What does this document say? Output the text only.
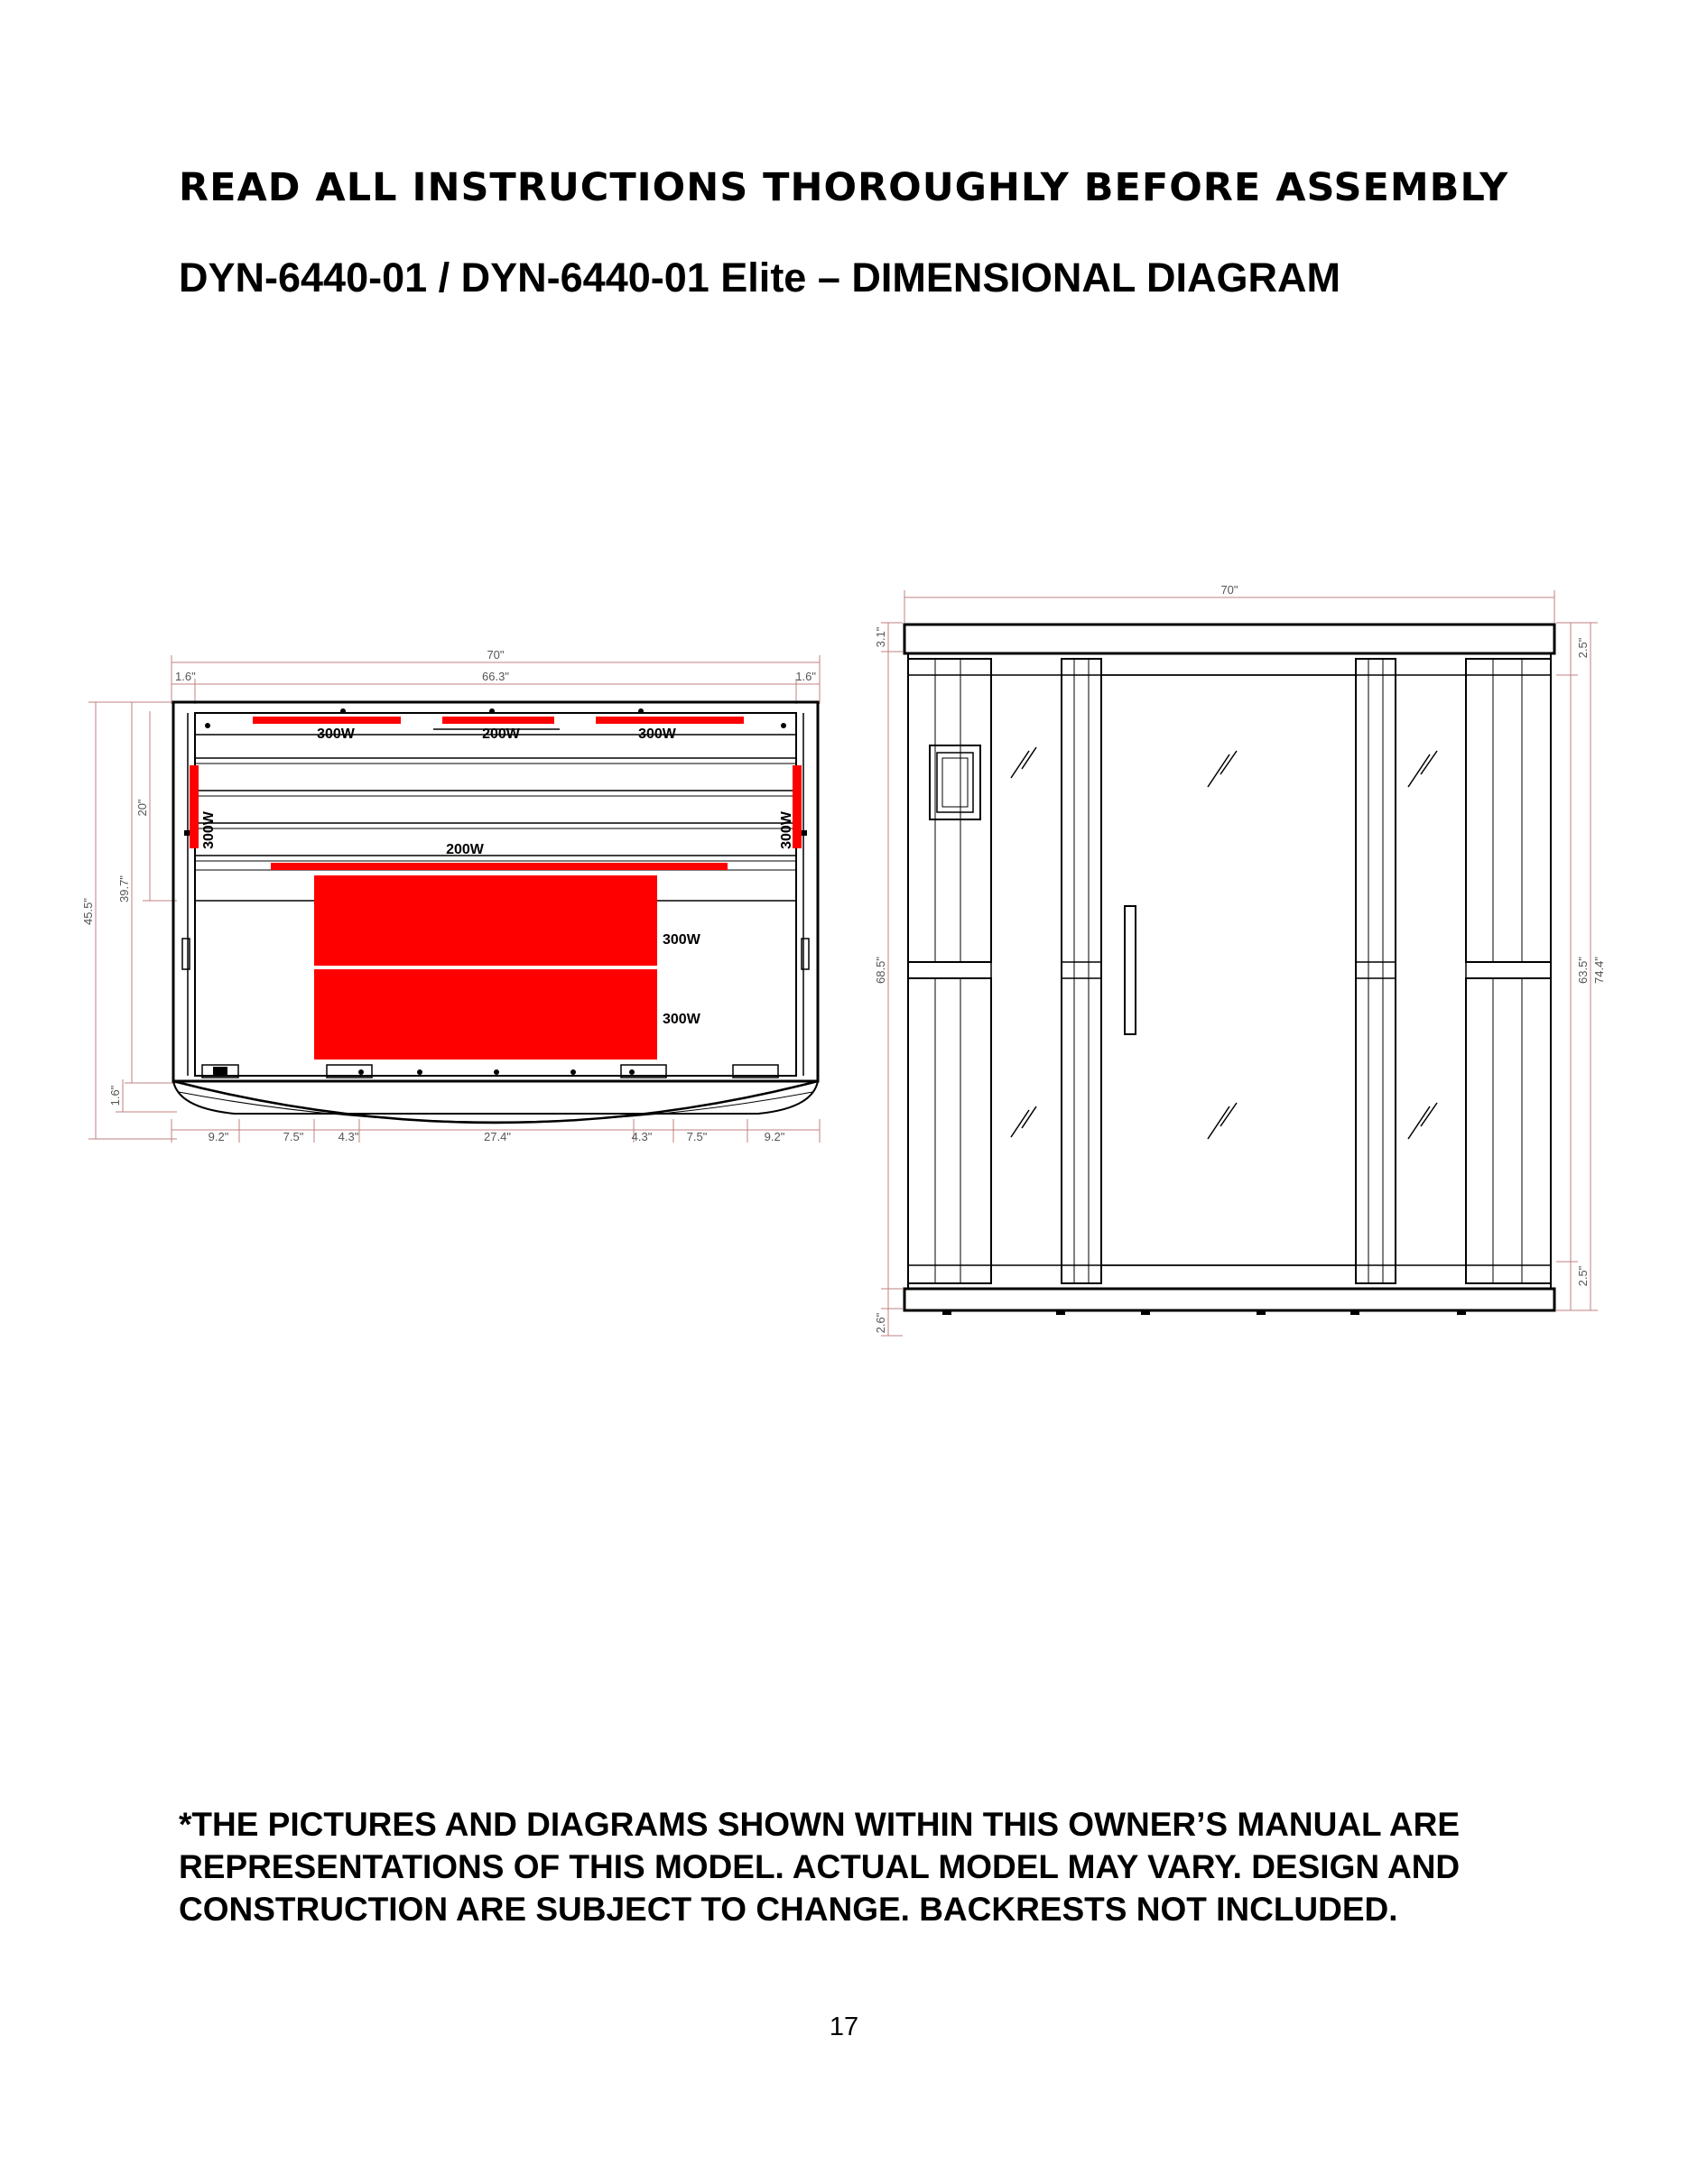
READ ALL INSTRUCTIONS THOROUGHLY BEFORE ASSEMBLY
DYN-6440-01 / DYN-6440-01 Elite – DIMENSIONAL DIAGRAM
70"
66.3"
1.6"	1.6"
45.5"
39.7"
20"
1.6"
9.2"	7.5"	4.3"	27.4"	4.3"	7.5"	9.2"
300W	200W	300W
300W	300W
200W
300W
300W
70"
3.1"
68.5"
2.6"
2.5"
63.5" 74.4"
2.5"
*THE PICTURES AND DIAGRAMS SHOWN WITHIN THIS OWNER’S MANUAL ARE
REPRESENTATIONS OF THIS MODEL. ACTUAL MODEL MAY VARY. DESIGN AND
CONSTRUCTION ARE SUBJECT TO CHANGE. BACKRESTS NOT INCLUDED.
17
